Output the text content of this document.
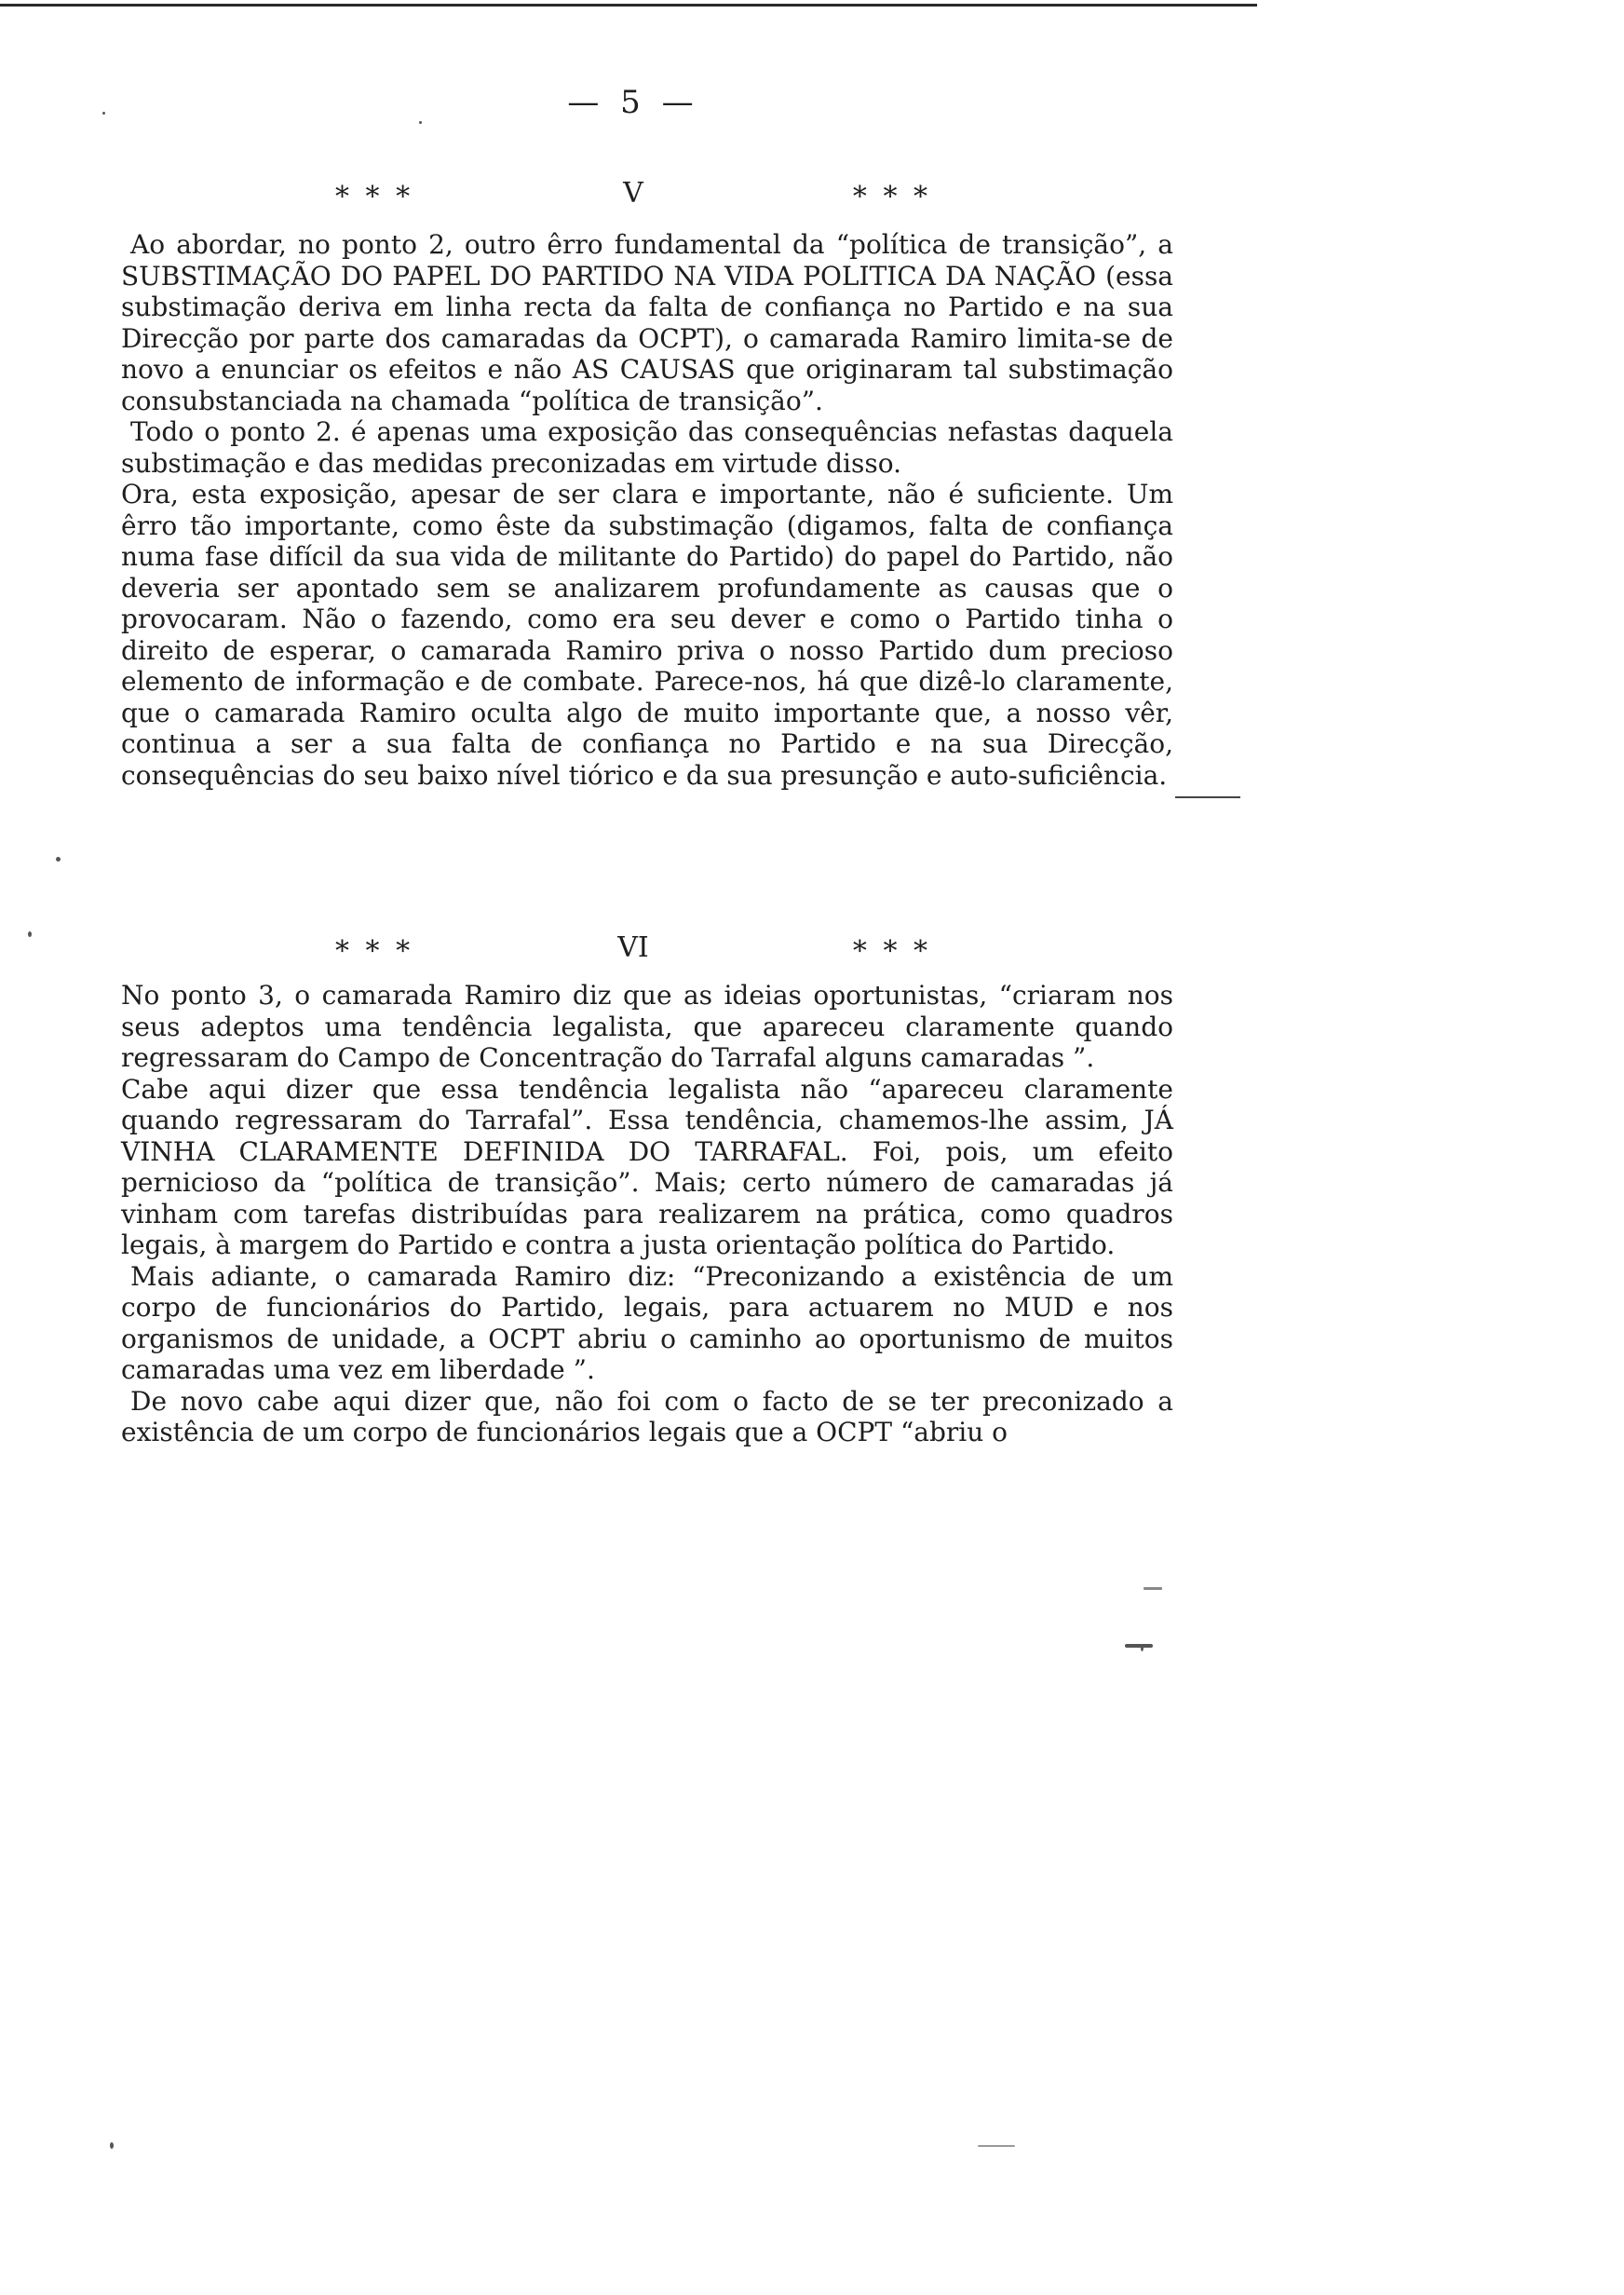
— 5 —
* * *	V	* * *

Ao abordar, no ponto 2, outro êrro fundamental da “política de transição”, a SUBSTIMAÇÃO DO PAPEL DO PARTIDO NA VIDA POLITICA DA NAÇÃO (essa substimação deriva em linha recta da falta de confiança no Partido e na sua Direcção por parte dos camaradas da OCPT), o camarada Ramiro limita-se de novo a enunciar os efeitos e não AS CAUSAS que originaram tal substimação consubstanciada na chamada “política de transição”.

Todo o ponto 2. é apenas uma exposição das consequências nefastas daquela substimação e das medidas preconizadas em virtude disso.

Ora, esta exposição, apesar de ser clara e importante, não é suficiente. Um êrro tão importante, como êste da substimação (digamos, falta de confiança numa fase difícil da sua vida de militante do Partido) do papel do Partido, não deveria ser apontado sem se analizarem profundamente as causas que o provocaram. Não o fazendo, como era seu dever e como o Partido tinha o direito de esperar, o camarada Ramiro priva o nosso Partido dum precioso elemento de informação e de combate. Parece-nos, há que dizê-lo claramente, que o camarada Ramiro oculta algo de muito importante que, a nosso vêr, continua a ser a sua falta de confiança no Partido e na sua Direcção, consequências do seu baixo nível tiórico e da sua presunção e auto-suficiência.

* * *	VI	* * *

No ponto 3, o camarada Ramiro diz que as ideias oportunistas, “criaram nos seus adeptos uma tendência legalista, que apareceu claramente quando regressaram do Campo de Concentração do Tarrafal alguns camaradas ”.

Cabe aqui dizer que essa tendência legalista não “apareceu claramente quando regressaram do Tarrafal”. Essa tendência, chamemos-lhe assim, JÁ VINHA CLARAMENTE DEFINIDA DO TARRAFAL. Foi, pois, um efeito pernicioso da “política de transição”. Mais; certo número de camaradas já vinham com tarefas distribuídas para realizarem na prática, como quadros legais, à margem do Partido e contra a justa orientação política do Partido.

Mais adiante, o camarada Ramiro diz: “Preconizando a existência de um corpo de funcionários do Partido, legais, para actuarem no MUD e nos organismos de unidade, a OCPT abriu o caminho ao oportunismo de muitos camaradas uma vez em liberdade ”.

De novo cabe aqui dizer que, não foi com o facto de se ter preconizado a existência de um corpo de funcionários legais que a OCPT “abriu o
